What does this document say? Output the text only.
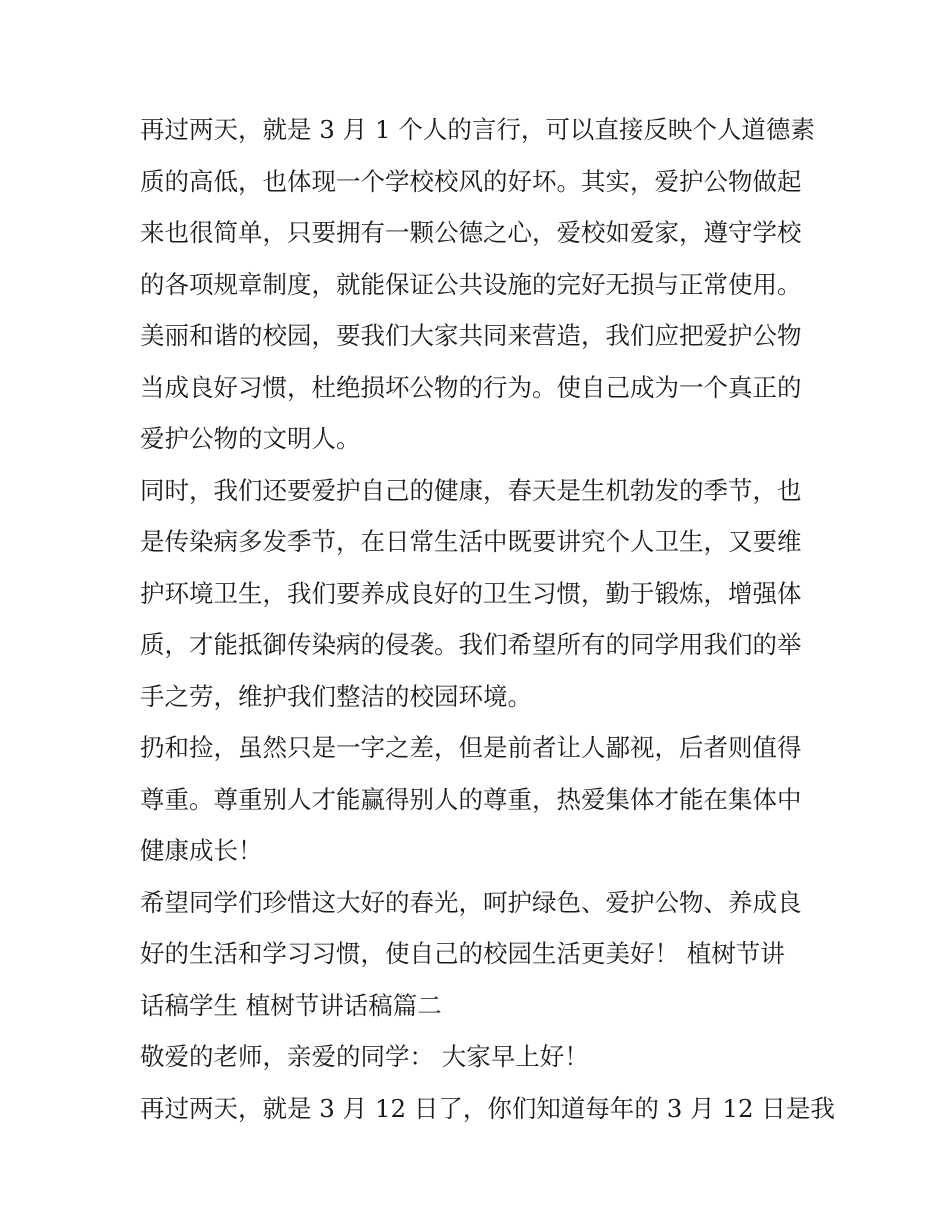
再过两天，就是 3 月 1 个人的言行，可以直接反映个人道德素
质的高低，也体现一个学校校风的好坏。其实，爱护公物做起
来也很简单，只要拥有一颗公德之心，爱校如爱家，遵守学校
的各项规章制度，就能保证公共设施的完好无损与正常使用。
美丽和谐的校园，要我们大家共同来营造，我们应把爱护公物
当成良好习惯，杜绝损坏公物的行为。使自己成为一个真正的
爱护公物的文明人。
同时，我们还要爱护自己的健康，春天是生机勃发的季节，也
是传染病多发季节，在日常生活中既要讲究个人卫生，又要维
护环境卫生，我们要养成良好的卫生习惯，勤于锻炼，增强体
质，才能抵御传染病的侵袭。我们希望所有的同学用我们的举
手之劳，维护我们整洁的校园环境。
扔和捡，虽然只是一字之差，但是前者让人鄙视，后者则值得
尊重。尊重别人才能赢得别人的尊重，热爱集体才能在集体中
健康成长！
希望同学们珍惜这大好的春光，呵护绿色、爱护公物、养成良
好的生活和学习习惯，使自己的校园生活更美好！ 植树节讲
话稿学生 植树节讲话稿篇二
敬爱的老师，亲爱的同学： 大家早上好！
再过两天，就是 3 月 12 日了，你们知道每年的 3 月 12 日是我
